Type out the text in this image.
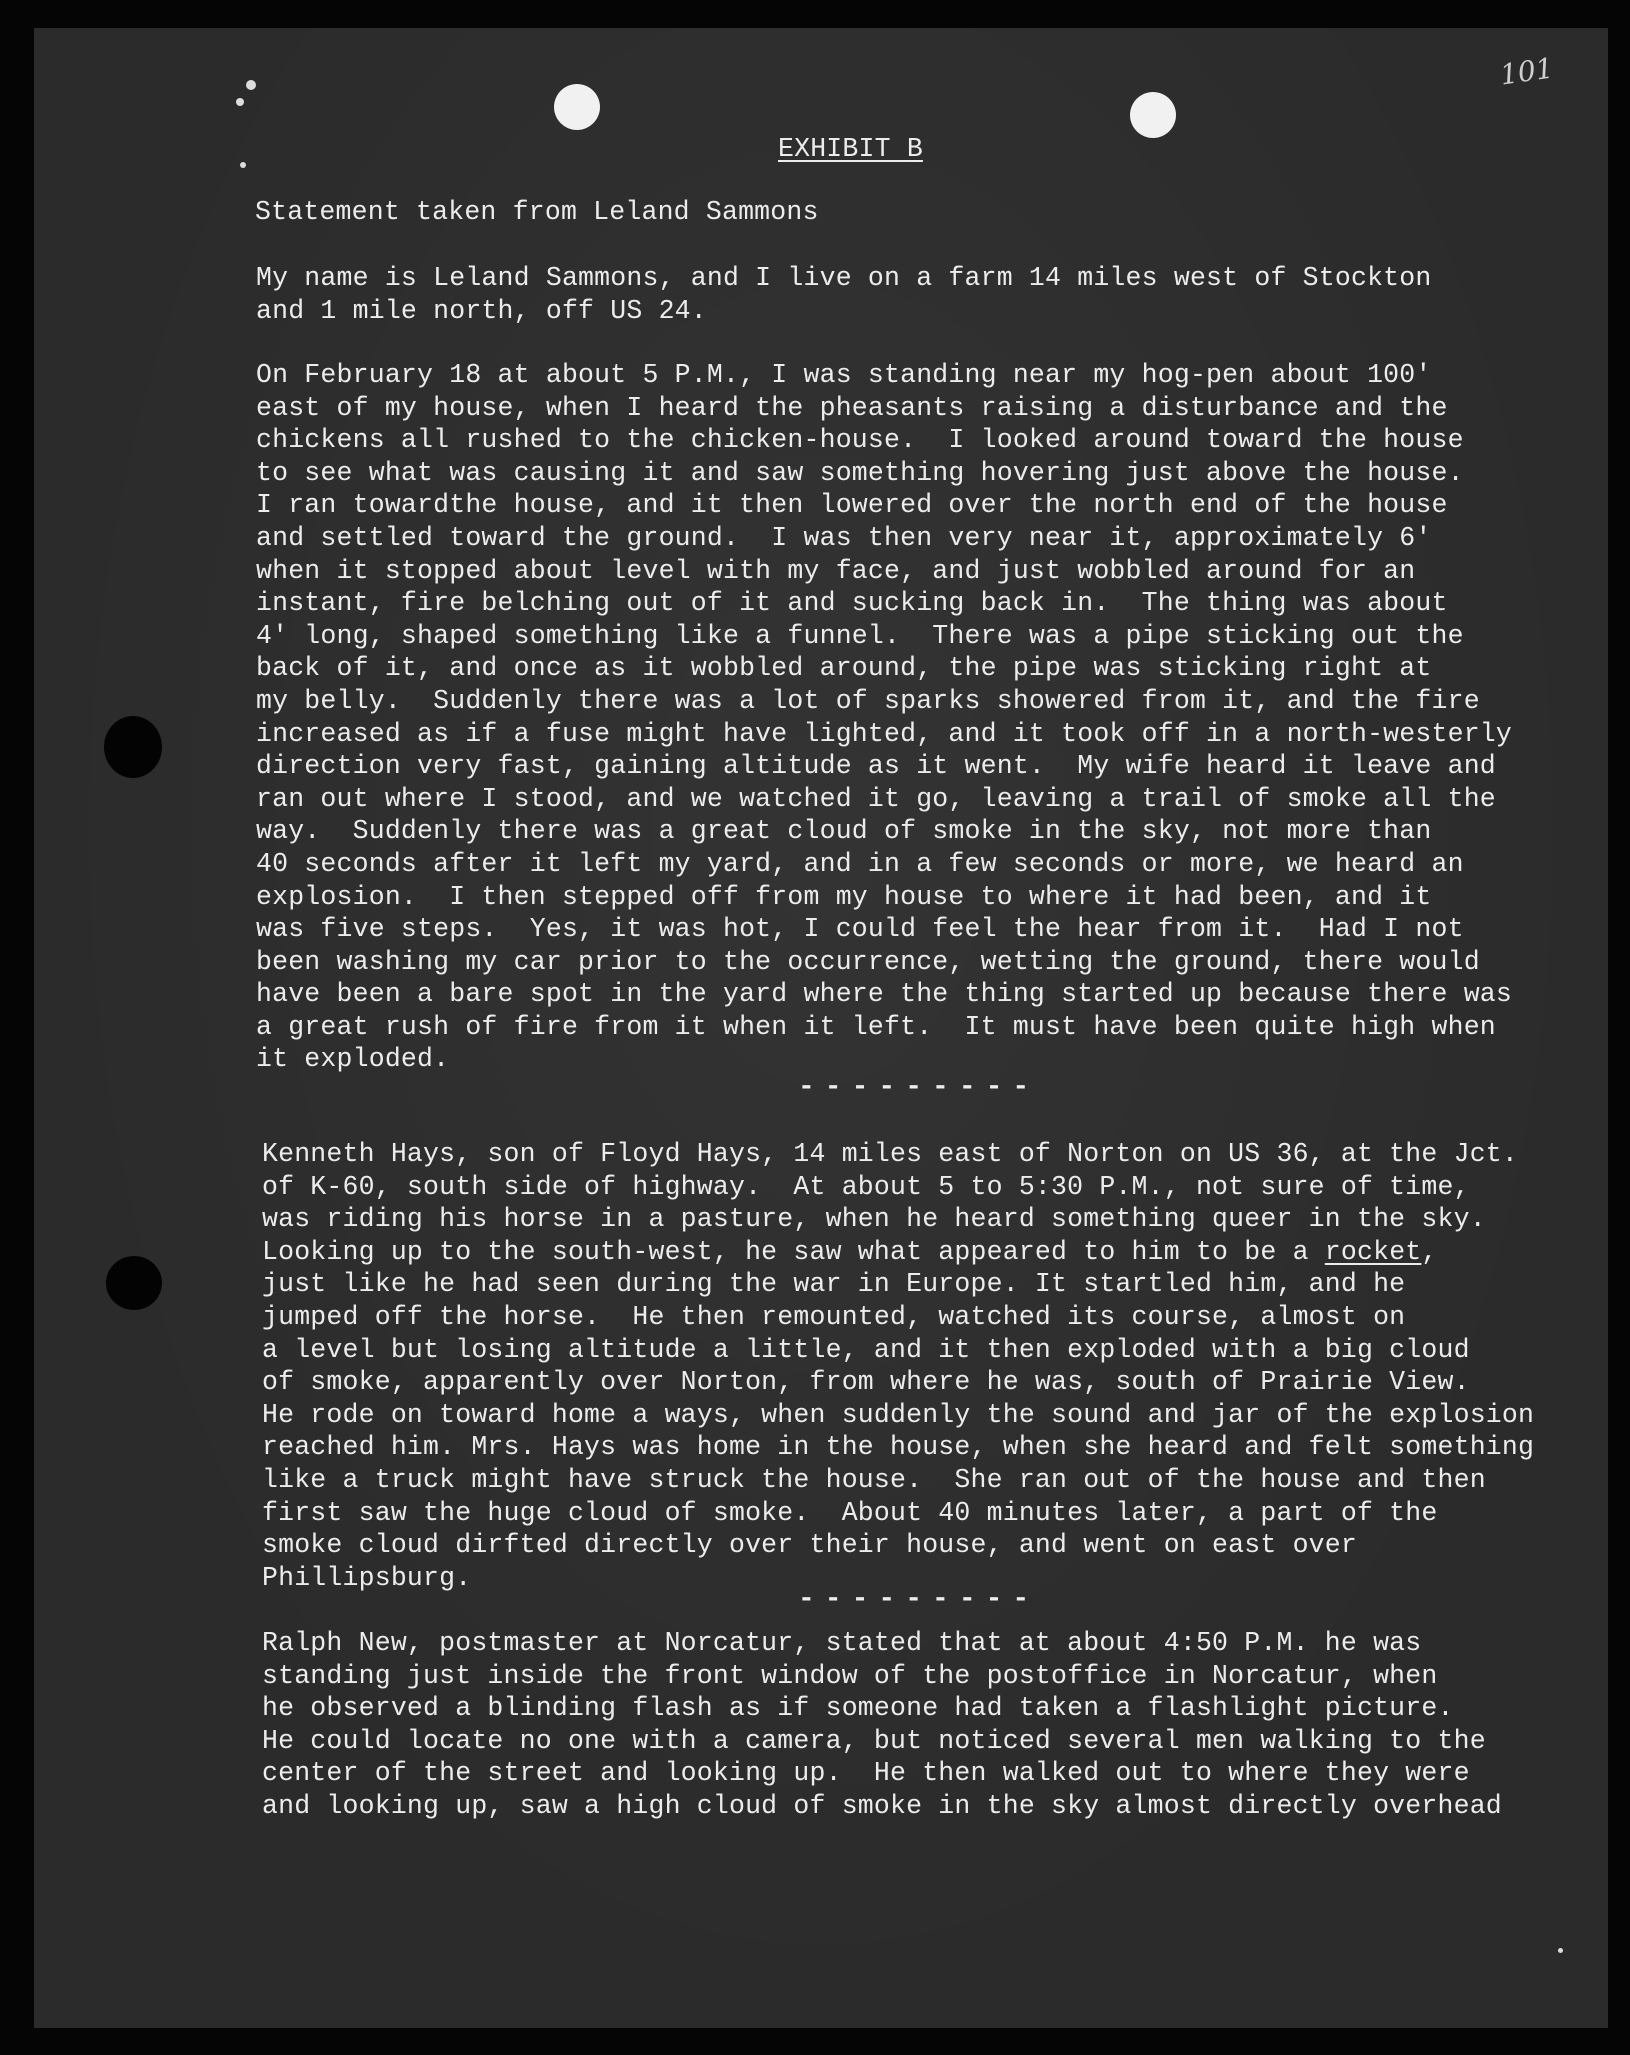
101
EXHIBIT B
Statement taken from Leland Sammons
My name is Leland Sammons, and I live on a farm 14 miles west of Stockton
and 1 mile north, off US 24.
On February 18 at about 5 P.M., I was standing near my hog-pen about 100'
east of my house, when I heard the pheasants raising a disturbance and the
chickens all rushed to the chicken-house.  I looked around toward the house
to see what was causing it and saw something hovering just above the house.
I ran towardthe house, and it then lowered over the north end of the house
and settled toward the ground.  I was then very near it, approximately 6'
when it stopped about level with my face, and just wobbled around for an
instant, fire belching out of it and sucking back in.  The thing was about
4' long, shaped something like a funnel.  There was a pipe sticking out the
back of it, and once as it wobbled around, the pipe was sticking right at
my belly.  Suddenly there was a lot of sparks showered from it, and the fire
increased as if a fuse might have lighted, and it took off in a north-westerly
direction very fast, gaining altitude as it went.  My wife heard it leave and
ran out where I stood, and we watched it go, leaving a trail of smoke all the
way.  Suddenly there was a great cloud of smoke in the sky, not more than
40 seconds after it left my yard, and in a few seconds or more, we heard an
explosion.  I then stepped off from my house to where it had been, and it
was five steps.  Yes, it was hot, I could feel the hear from it.  Had I not
been washing my car prior to the occurrence, wetting the ground, there would
have been a bare spot in the yard where the thing started up because there was
a great rush of fire from it when it left.  It must have been quite high when
it exploded.
---------
Kenneth Hays, son of Floyd Hays, 14 miles east of Norton on US 36, at the Jct.
of K-60, south side of highway.  At about 5 to 5:30 P.M., not sure of time,
was riding his horse in a pasture, when he heard something queer in the sky.
Looking up to the south-west, he saw what appeared to him to be a rocket,
just like he had seen during the war in Europe. It startled him, and he
jumped off the horse.  He then remounted, watched its course, almost on
a level but losing altitude a little, and it then exploded with a big cloud
of smoke, apparently over Norton, from where he was, south of Prairie View.
He rode on toward home a ways, when suddenly the sound and jar of the explosion
reached him. Mrs. Hays was home in the house, when she heard and felt something
like a truck might have struck the house.  She ran out of the house and then
first saw the huge cloud of smoke.  About 40 minutes later, a part of the
smoke cloud dirfted directly over their house, and went on east over
Phillipsburg.
---------
Ralph New, postmaster at Norcatur, stated that at about 4:50 P.M. he was
standing just inside the front window of the postoffice in Norcatur, when
he observed a blinding flash as if someone had taken a flashlight picture.
He could locate no one with a camera, but noticed several men walking to the
center of the street and looking up.  He then walked out to where they were
and looking up, saw a high cloud of smoke in the sky almost directly overhead
